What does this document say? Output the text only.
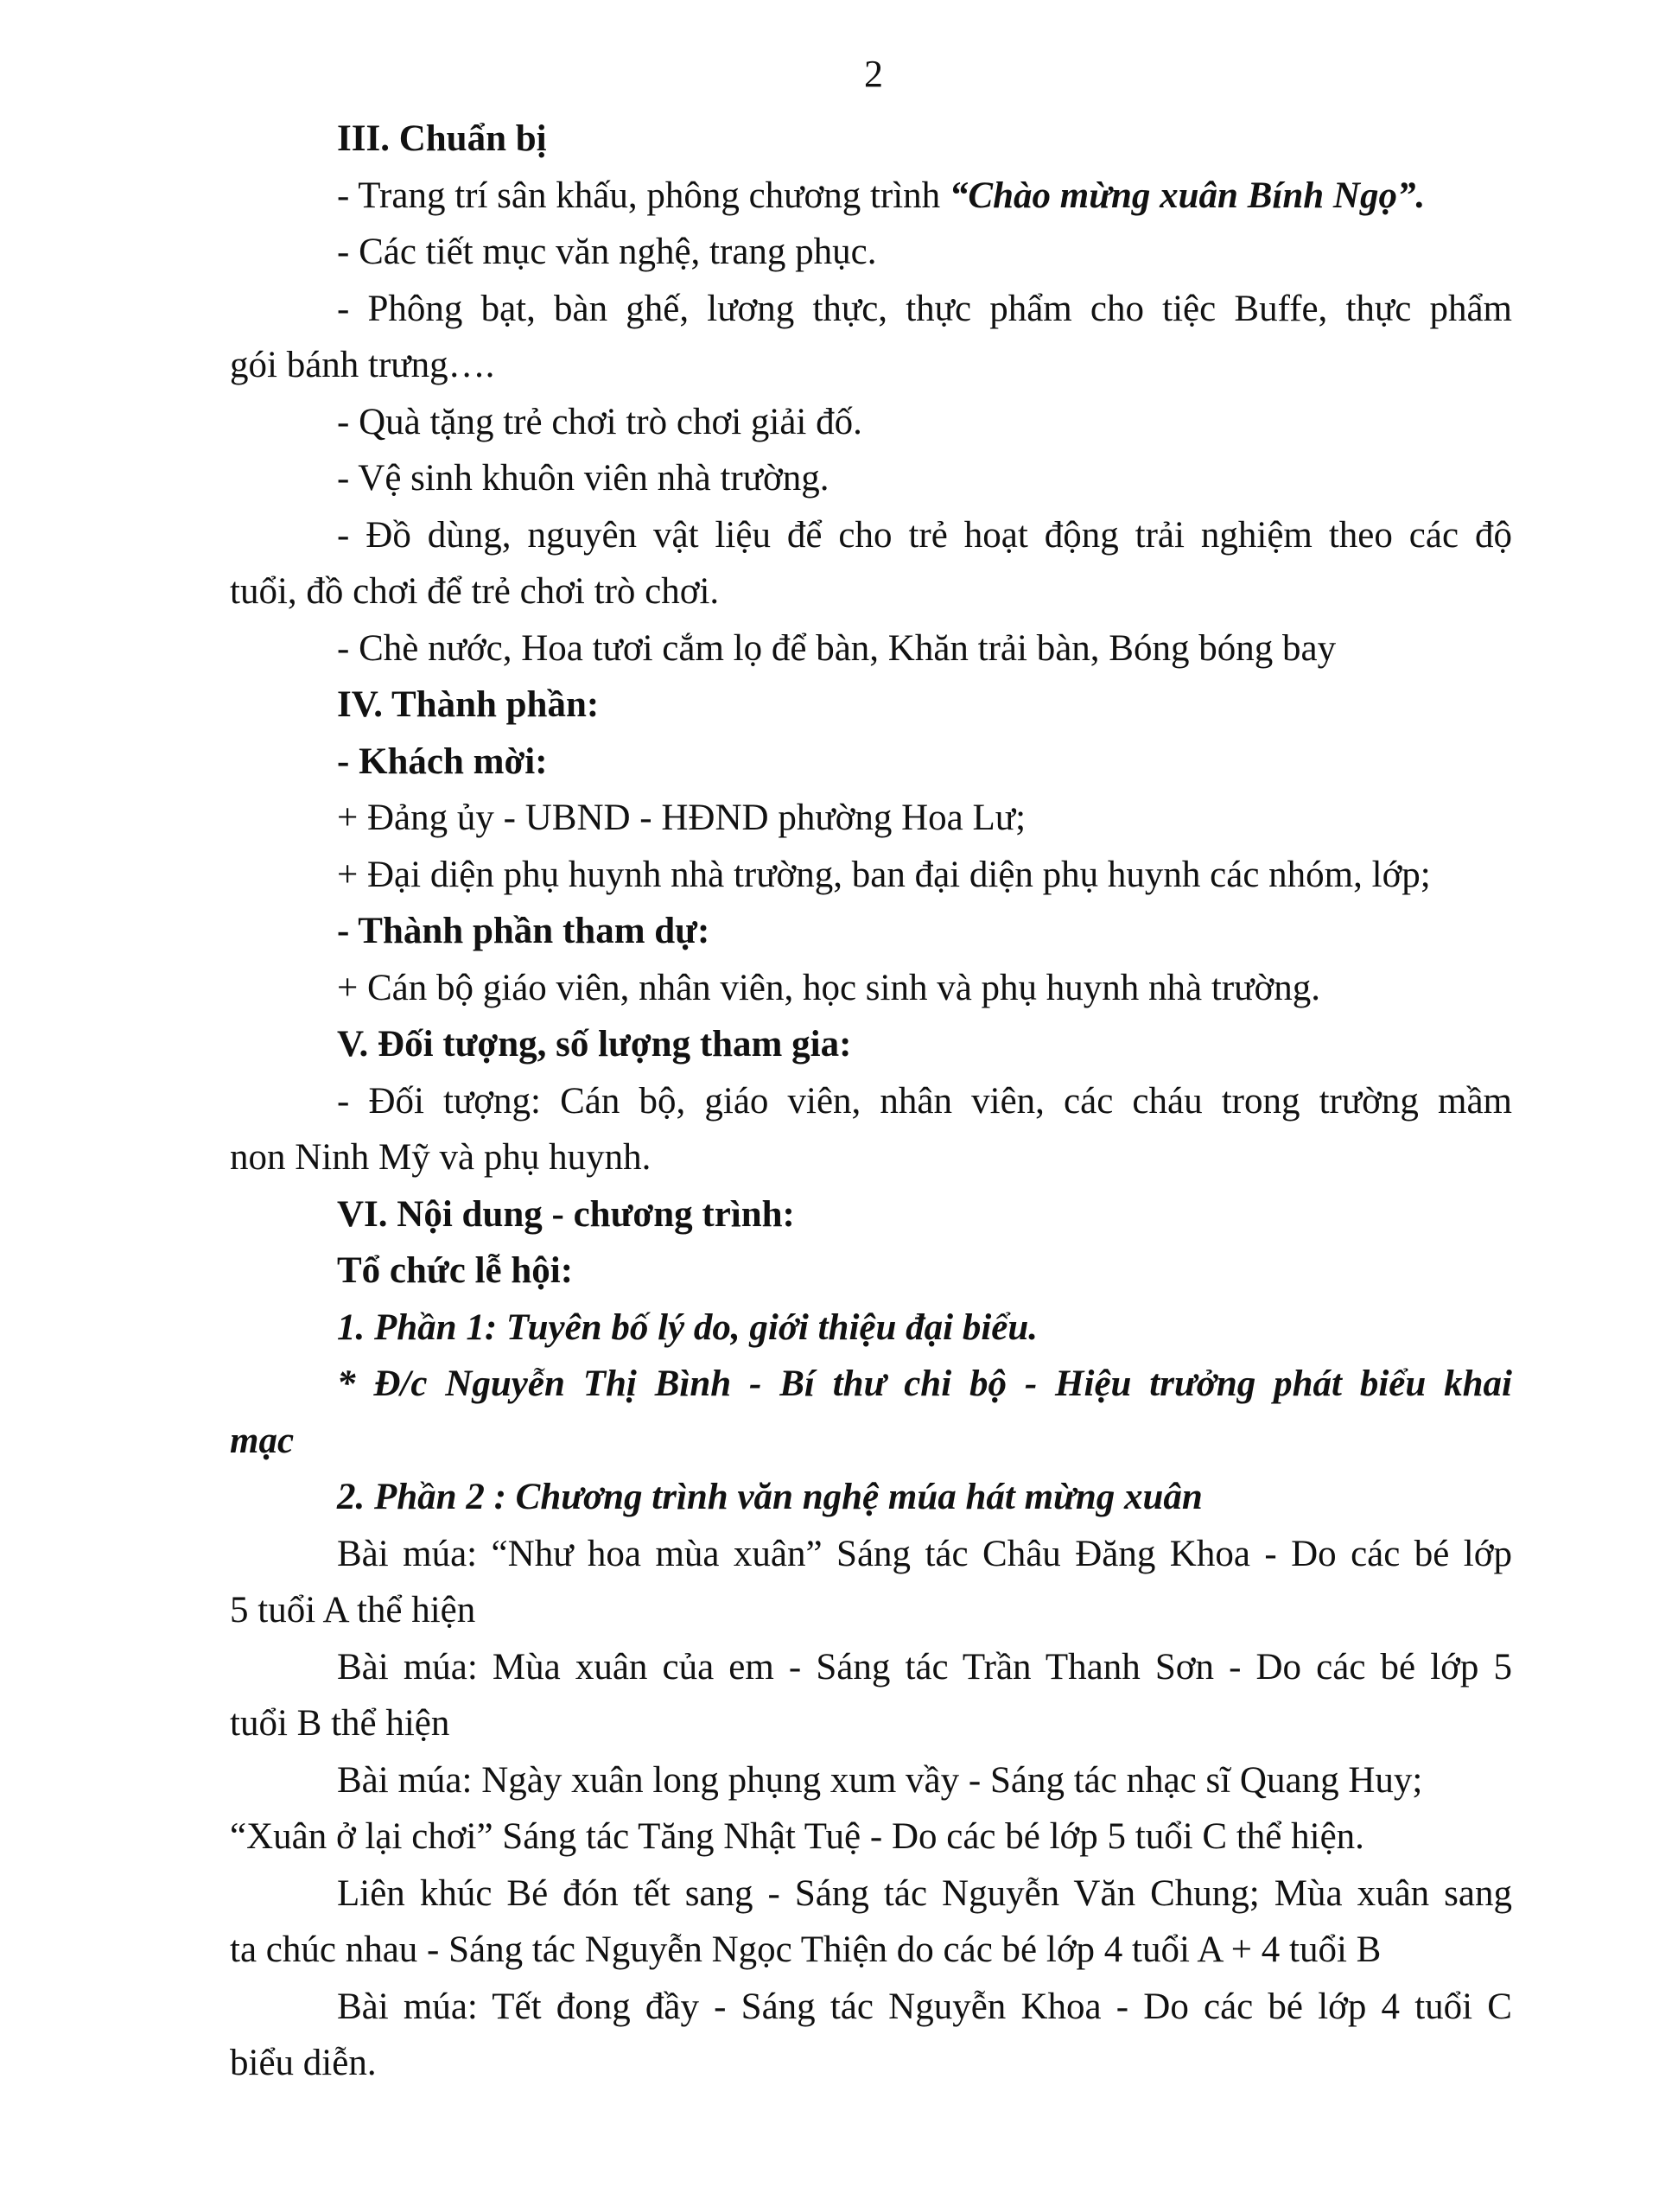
2
III. Chuẩn bị
- Trang trí sân khấu, phông chương trình “Chào mừng xuân Bính Ngọ”.
- Các tiết mục văn nghệ, trang phục.
- Phông bạt, bàn ghế, lương thực, thực phẩm cho tiệc Buffe, thực phẩm
gói bánh trưng….
- Quà tặng trẻ chơi trò chơi giải đố.
- Vệ sinh khuôn viên nhà trường.
- Đồ dùng, nguyên vật liệu để cho trẻ hoạt động trải nghiệm theo các độ
tuổi, đồ chơi để trẻ chơi trò chơi.
- Chè nước, Hoa tươi cắm lọ để bàn, Khăn trải bàn, Bóng bóng bay
IV. Thành phần:
- Khách mời:
+ Đảng ủy - UBND - HĐND phường Hoa Lư;
+ Đại diện phụ huynh nhà trường, ban đại diện phụ huynh các nhóm, lớp;
- Thành phần tham dự:
+ Cán bộ giáo viên, nhân viên, học sinh và phụ huynh nhà trường.
V. Đối tượng, số lượng tham gia:
- Đối tượng: Cán bộ, giáo viên, nhân viên, các cháu trong trường mầm
non Ninh Mỹ và phụ huynh.
VI. Nội dung - chương trình:
Tổ chức lễ hội:
1. Phần 1: Tuyên bố lý do, giới thiệu đại biểu.
* Đ/c Nguyễn Thị Bình - Bí thư chi bộ - Hiệu trưởng phát biểu khai
mạc
2. Phần 2 : Chương trình văn nghệ múa hát mừng xuân
Bài múa: “Như hoa mùa xuân” Sáng tác Châu Đăng Khoa - Do các bé lớp
5 tuổi A thể hiện
Bài múa: Mùa xuân của em - Sáng tác Trần Thanh Sơn - Do các bé lớp 5
tuổi B thể hiện
Bài múa: Ngày xuân long phụng xum vầy - Sáng tác nhạc sĩ Quang Huy;
“Xuân ở lại chơi” Sáng tác Tăng Nhật Tuệ - Do các bé lớp 5 tuổi C thể hiện.
Liên khúc Bé đón tết sang - Sáng tác Nguyễn Văn Chung; Mùa xuân sang
ta chúc nhau - Sáng tác Nguyễn Ngọc Thiện do các bé lớp 4 tuổi A + 4 tuổi B
Bài múa: Tết đong đầy - Sáng tác Nguyễn Khoa - Do các bé lớp 4 tuổi C
biểu diễn.
